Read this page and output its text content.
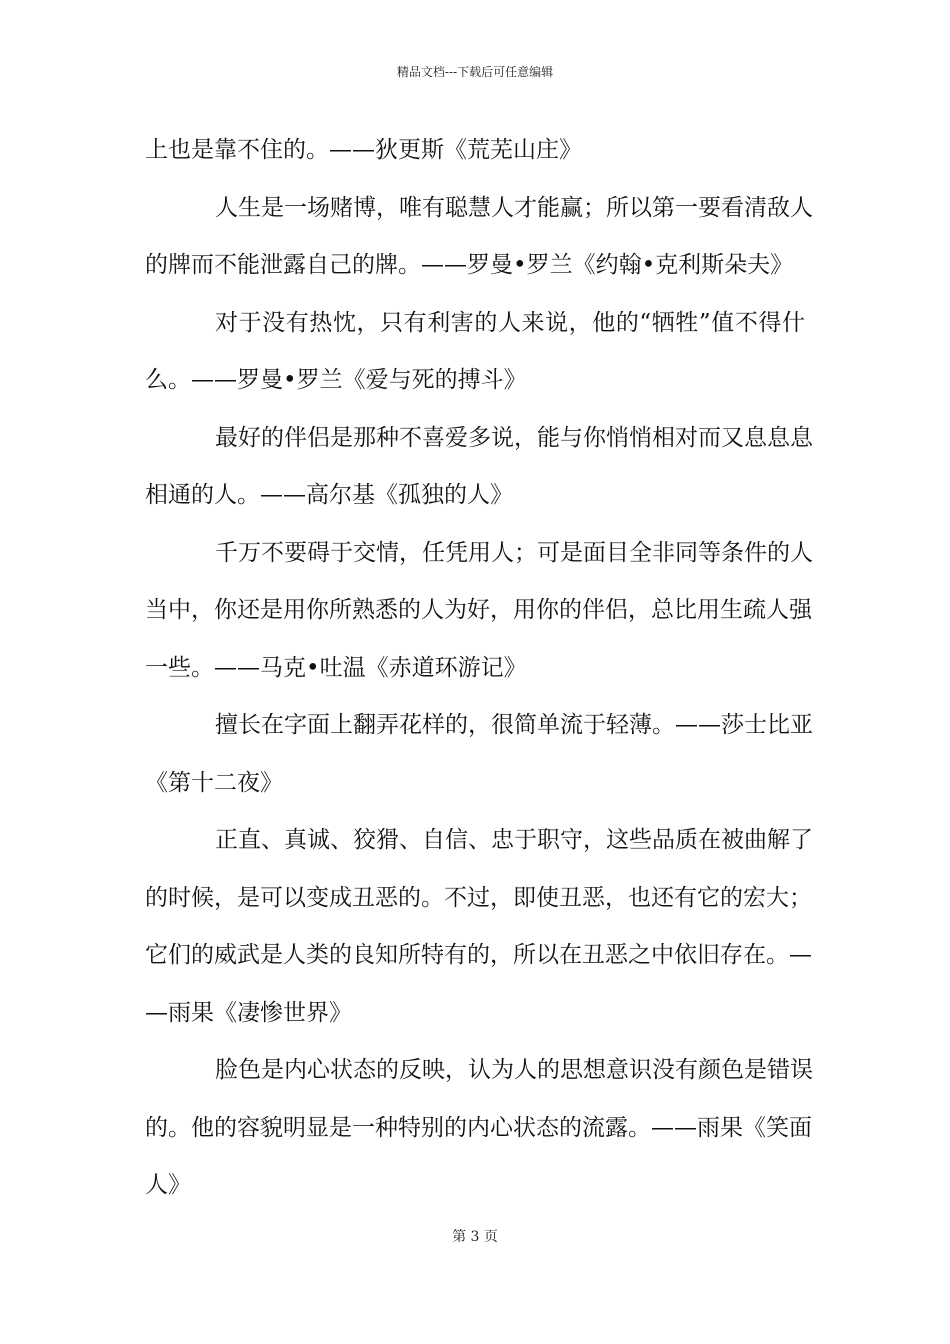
精品文档---下载后可任意编辑
上也是靠不住的。——狄更斯《荒芜山庄》
人生是一场赌博，唯有聪慧人才能赢；所以第一要看清敌人
的牌而不能泄露自己的牌。——罗曼•罗兰《约翰•克利斯朵夫》
对于没有热忱，只有利害的人来说，他的“牺牲”值不得什
么。——罗曼•罗兰《爱与死的搏斗》
最好的伴侣是那种不喜爱多说，能与你悄悄相对而又息息息
相通的人。——高尔基《孤独的人》
千万不要碍于交情，任凭用人；可是面目全非同等条件的人
当中，你还是用你所熟悉的人为好，用你的伴侣，总比用生疏人强
一些。——马克•吐温《赤道环游记》
擅长在字面上翻弄花样的，很简单流于轻薄。——莎士比亚
《第十二夜》
正直、真诚、狡猾、自信、忠于职守，这些品质在被曲解了
的时候，是可以变成丑恶的。不过，即使丑恶，也还有它的宏大；
它们的威武是人类的良知所特有的，所以在丑恶之中依旧存在。—
—雨果《凄惨世界》
脸色是内心状态的反映，认为人的思想意识没有颜色是错误
的。他的容貌明显是一种特别的内心状态的流露。——雨果《笑面
人》
第 3 页
